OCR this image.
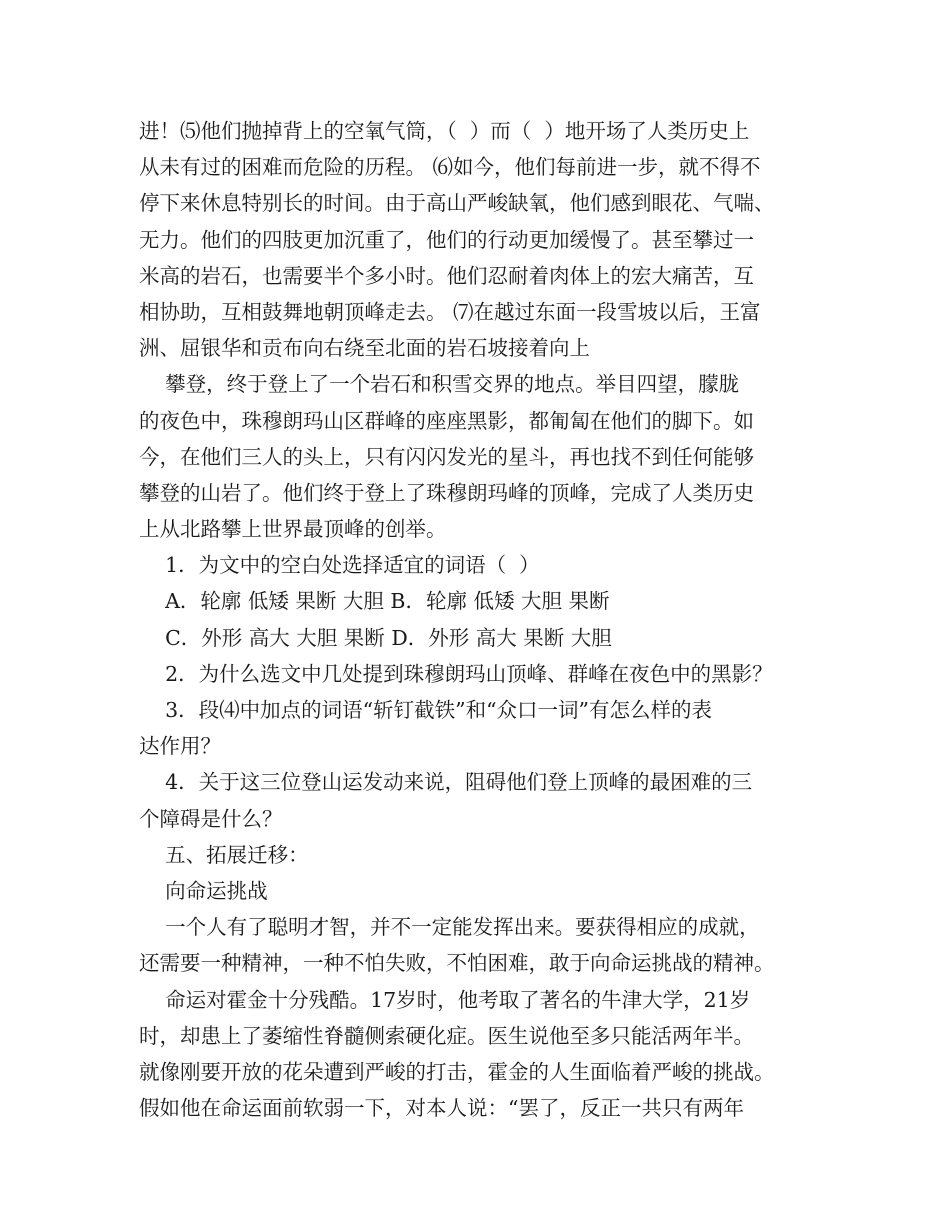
进！⑸他们抛掉背上的空氧气筒，（  ）而（  ）地开场了人类历史上
从未有过的困难而危险的历程。 ⑹如今，他们每前进一步，就不得不
停下来休息特别长的时间。由于高山严峻缺氧，他们感到眼花、气喘、
无力。他们的四肢更加沉重了，他们的行动更加缓慢了。甚至攀过一
米高的岩石，也需要半个多小时。他们忍耐着肉体上的宏大痛苦，互
相协助，互相鼓舞地朝顶峰走去。 ⑺在越过东面一段雪坡以后，王富
洲、屈银华和贡布向右绕至北面的岩石坡接着向上
攀登，终于登上了一个岩石和积雪交界的地点。举目四望，朦胧
的夜色中，珠穆朗玛山区群峰的座座黑影，都匍匐在他们的脚下。如
今，在他们三人的头上，只有闪闪发光的星斗，再也找不到任何能够
攀登的山岩了。他们终于登上了珠穆朗玛峰的顶峰，完成了人类历史
上从北路攀上世界最顶峰的创举。
1．为文中的空白处选择适宜的词语（  ）
A．轮廓 低矮 果断 大胆 B．轮廓 低矮 大胆 果断
C．外形 高大 大胆 果断 D．外形 高大 果断 大胆
2．为什么选文中几处提到珠穆朗玛山顶峰、群峰在夜色中的黑影？
3．段⑷中加点的词语“斩钉截铁”和“众口一词”有怎么样的表
达作用？
4．关于这三位登山运发动来说，阻碍他们登上顶峰的最困难的三
个障碍是什么？
五、拓展迁移：
向命运挑战
一个人有了聪明才智，并不一定能发挥出来。要获得相应的成就，
还需要一种精神，一种不怕失败，不怕困难，敢于向命运挑战的精神。
命运对霍金十分残酷。17岁时，他考取了著名的牛津大学，21岁
时，却患上了萎缩性脊髓侧索硬化症。医生说他至多只能活两年半。
就像刚要开放的花朵遭到严峻的打击，霍金的人生面临着严峻的挑战。
假如他在命运面前软弱一下，对本人说：“罢了，反正一共只有两年
